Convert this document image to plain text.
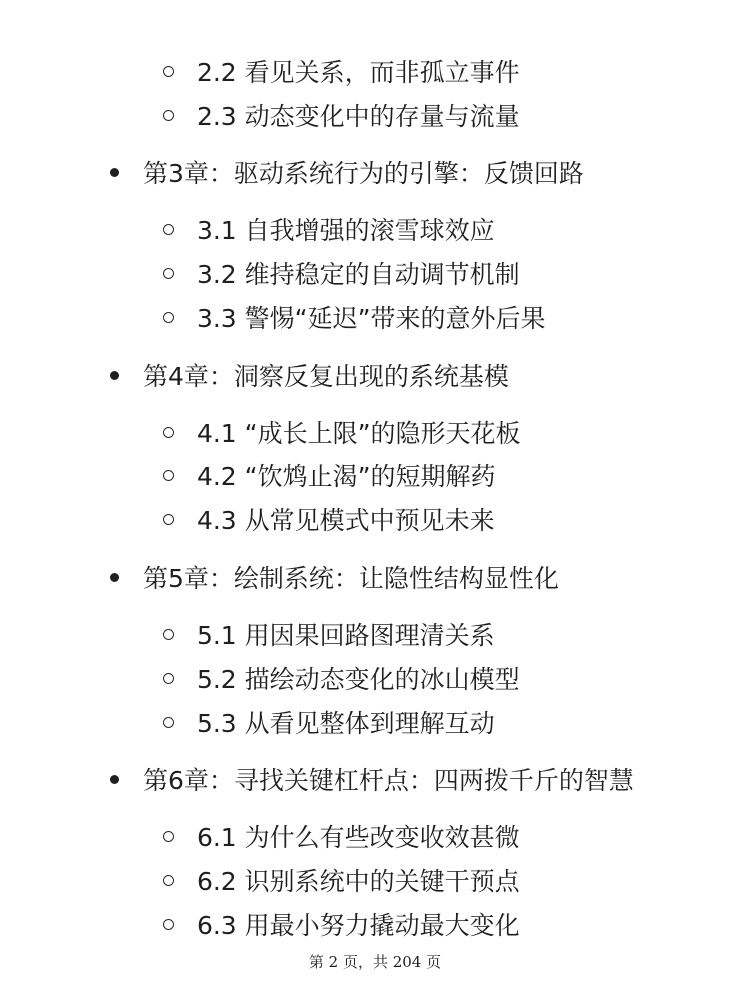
2.2 看见关系，而非孤立事件
2.3 动态变化中的存量与流量
第3章：驱动系统行为的引擎：反馈回路
3.1 自我增强的滚雪球效应
3.2 维持稳定的自动调节机制
3.3 警惕“延迟”带来的意外后果
第4章：洞察反复出现的系统基模
4.1 “成长上限”的隐形天花板
4.2 “饮鸩止渴”的短期解药
4.3 从常见模式中预见未来
第5章：绘制系统：让隐性结构显性化
5.1 用因果回路图理清关系
5.2 描绘动态变化的冰山模型
5.3 从看见整体到理解互动
第6章：寻找关键杠杆点：四两拨千斤的智慧
6.1 为什么有些改变收效甚微
6.2 识别系统中的关键干预点
6.3 用最小努力撬动最大变化
第 2 页，共 204 页
